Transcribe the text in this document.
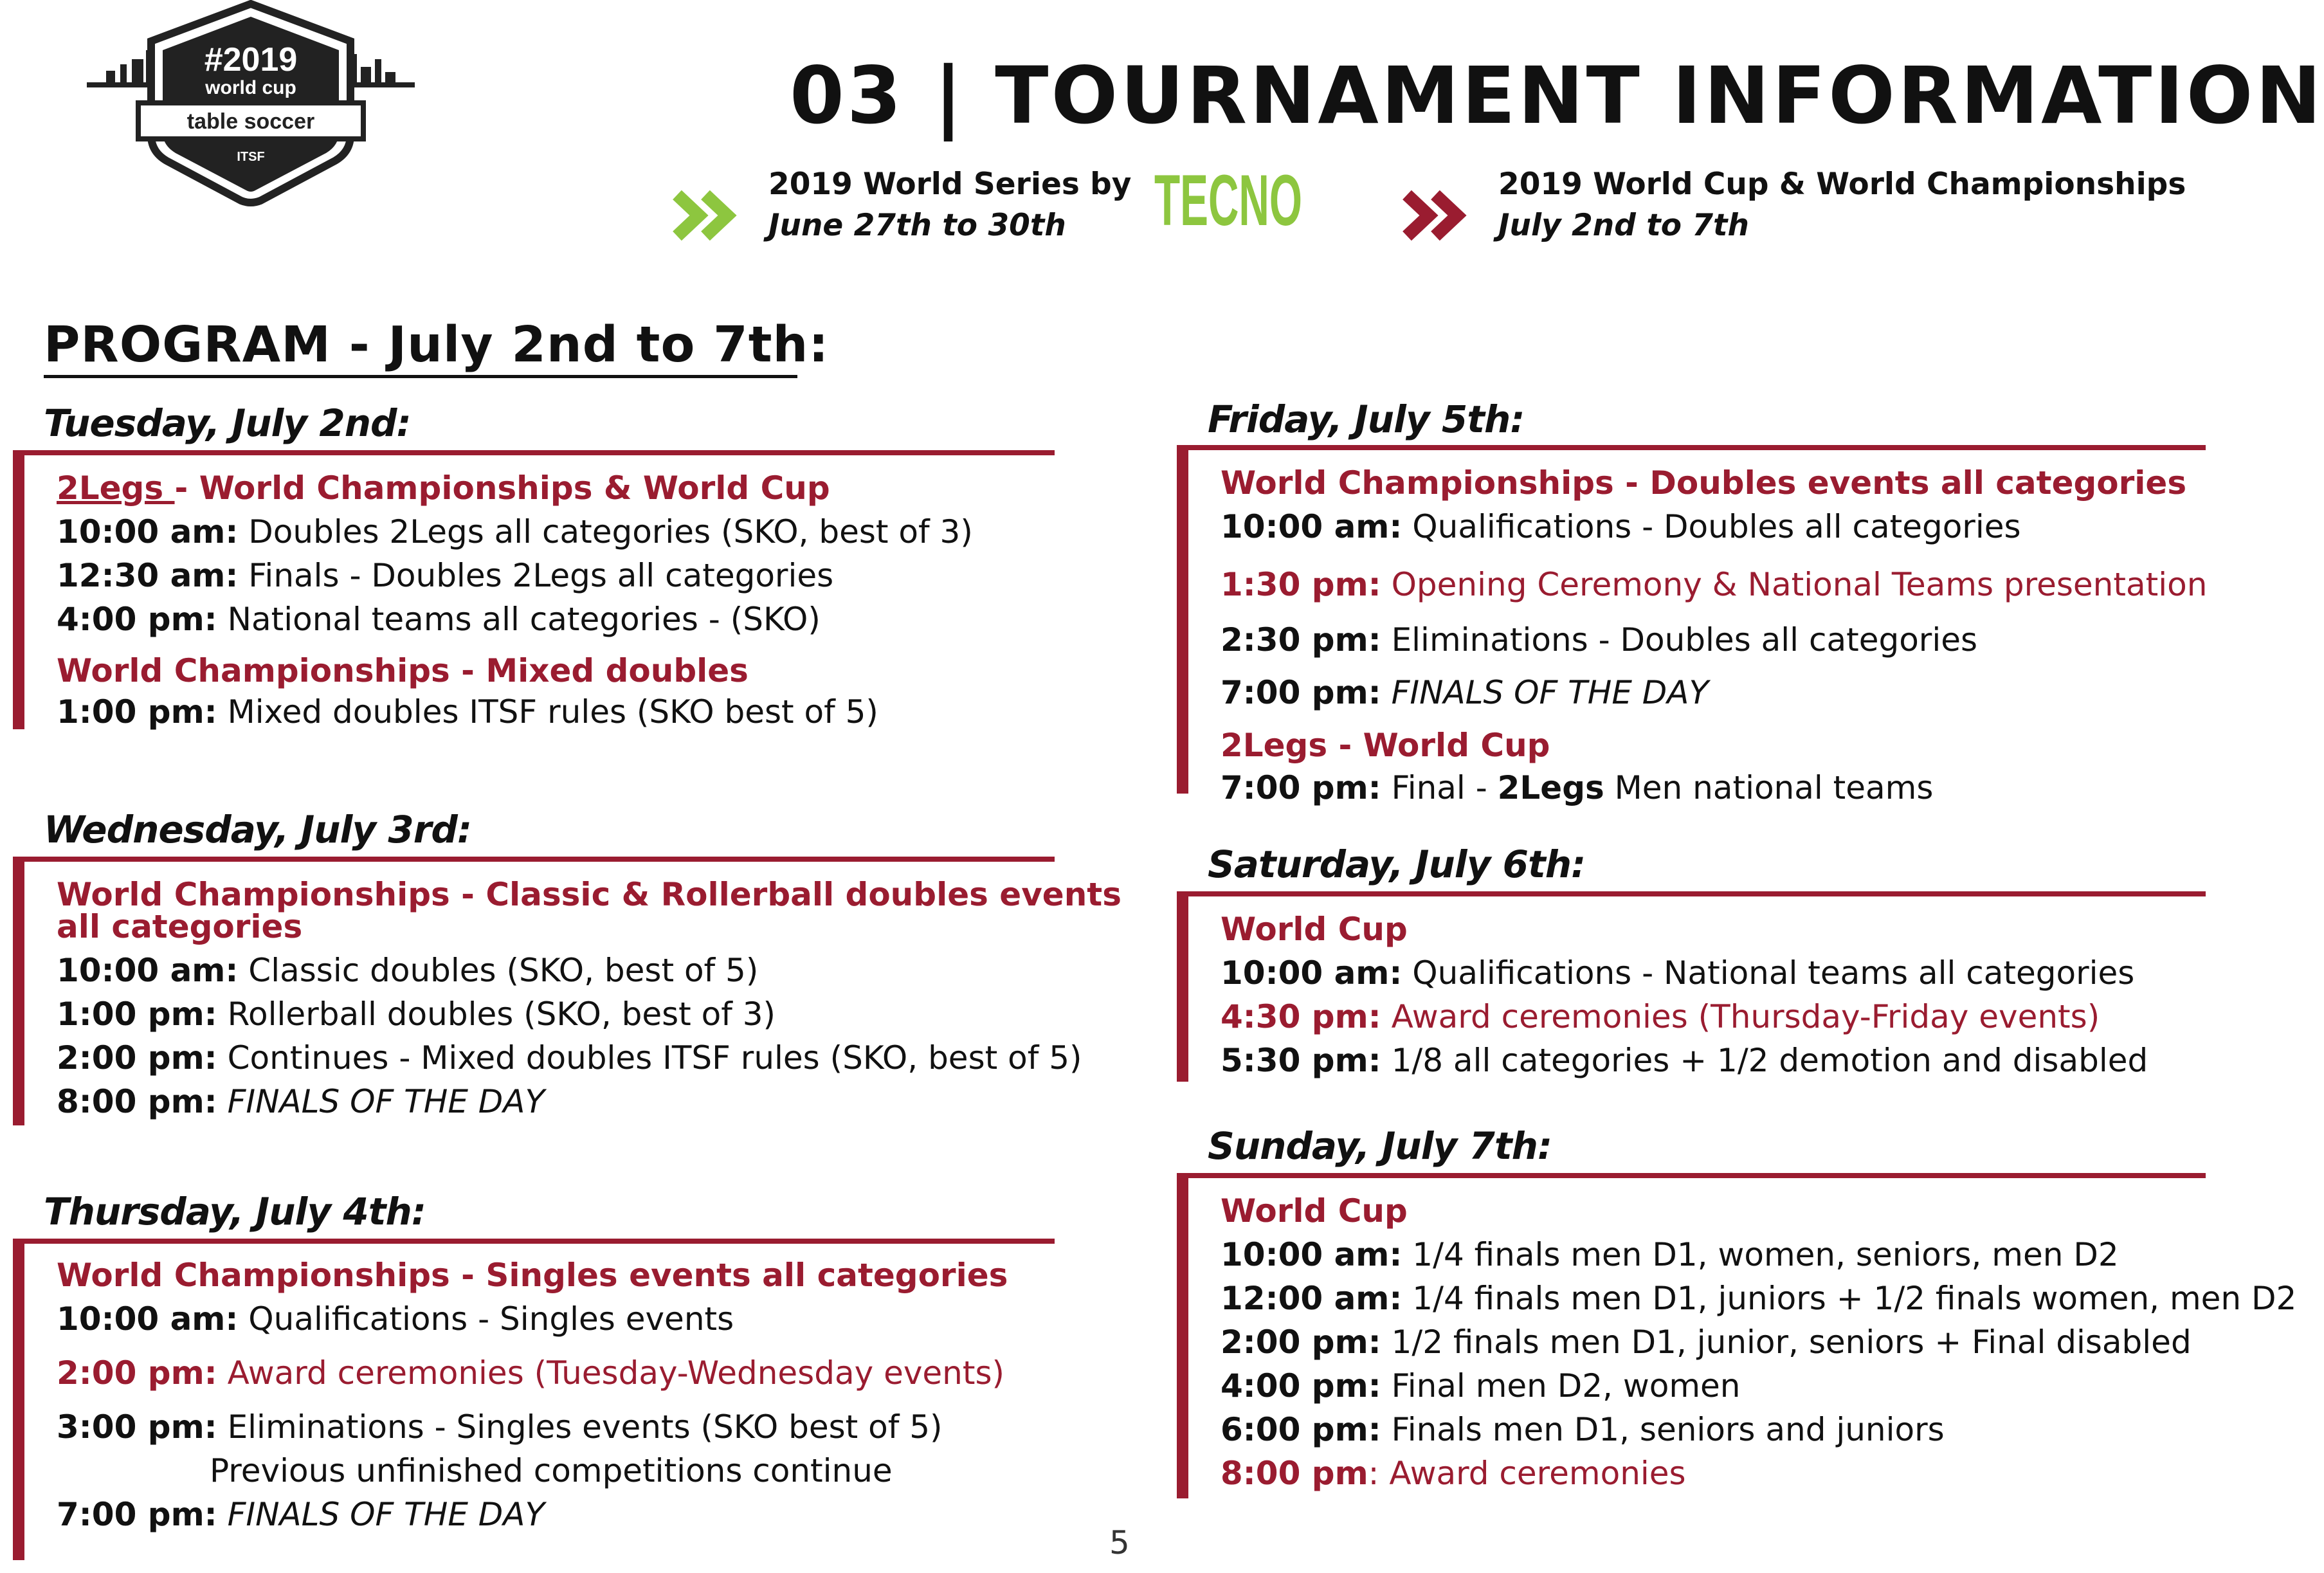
#2019
world cup
table soccer
ITSF
03 | TOURNAMENT INFORMATION
2019 World Series by
June 27th to 30th	TECNO	2019 World Cup & World Championships
July 2nd to 7th
PROGRAM - July 2nd to 7th:
Tuesday, July 2nd:
2Legs - World Championships & World Cup
10:00 am: Doubles 2Legs all categories (SKO, best of 3)
12:30 am: Finals - Doubles 2Legs all categories
4:00 pm: National teams all categories - (SKO)
World Championships - Mixed doubles
1:00 pm: Mixed doubles ITSF rules (SKO best of 5)
Wednesday, July 3rd:
World Championships - Classic & Rollerball doubles events
all categories
10:00 am: Classic doubles (SKO, best of 5)
1:00 pm: Rollerball doubles (SKO, best of 3)
2:00 pm: Continues - Mixed doubles ITSF rules (SKO, best of 5)
8:00 pm: FINALS OF THE DAY
Thursday, July 4th:
World Championships - Singles events all categories
10:00 am: Qualifications - Singles events
2:00 pm: Award ceremonies (Tuesday-Wednesday events)
3:00 pm: Eliminations - Singles events (SKO best of 5)
Previous unfinished competitions continue
7:00 pm: FINALS OF THE DAY
Friday, July 5th:
World Championships - Doubles events all categories
10:00 am: Qualifications - Doubles all categories
1:30 pm: Opening Ceremony & National Teams presentation
2:30 pm: Eliminations - Doubles all categories
7:00 pm: FINALS OF THE DAY
2Legs - World Cup
7:00 pm: Final - 2Legs Men national teams
Saturday, July 6th:
World Cup
10:00 am: Qualifications - National teams all categories
4:30 pm: Award ceremonies (Thursday-Friday events)
5:30 pm: 1/8 all categories + 1/2 demotion and disabled
Sunday, July 7th:
World Cup
10:00 am: 1/4 finals men D1, women, seniors, men D2
12:00 am: 1/4 finals men D1, juniors + 1/2 finals women, men D2
2:00 pm: 1/2 finals men D1, junior, seniors + Final disabled
4:00 pm: Final men D2, women
6:00 pm: Finals men D1, seniors and juniors
8:00 pm: Award ceremonies
5
